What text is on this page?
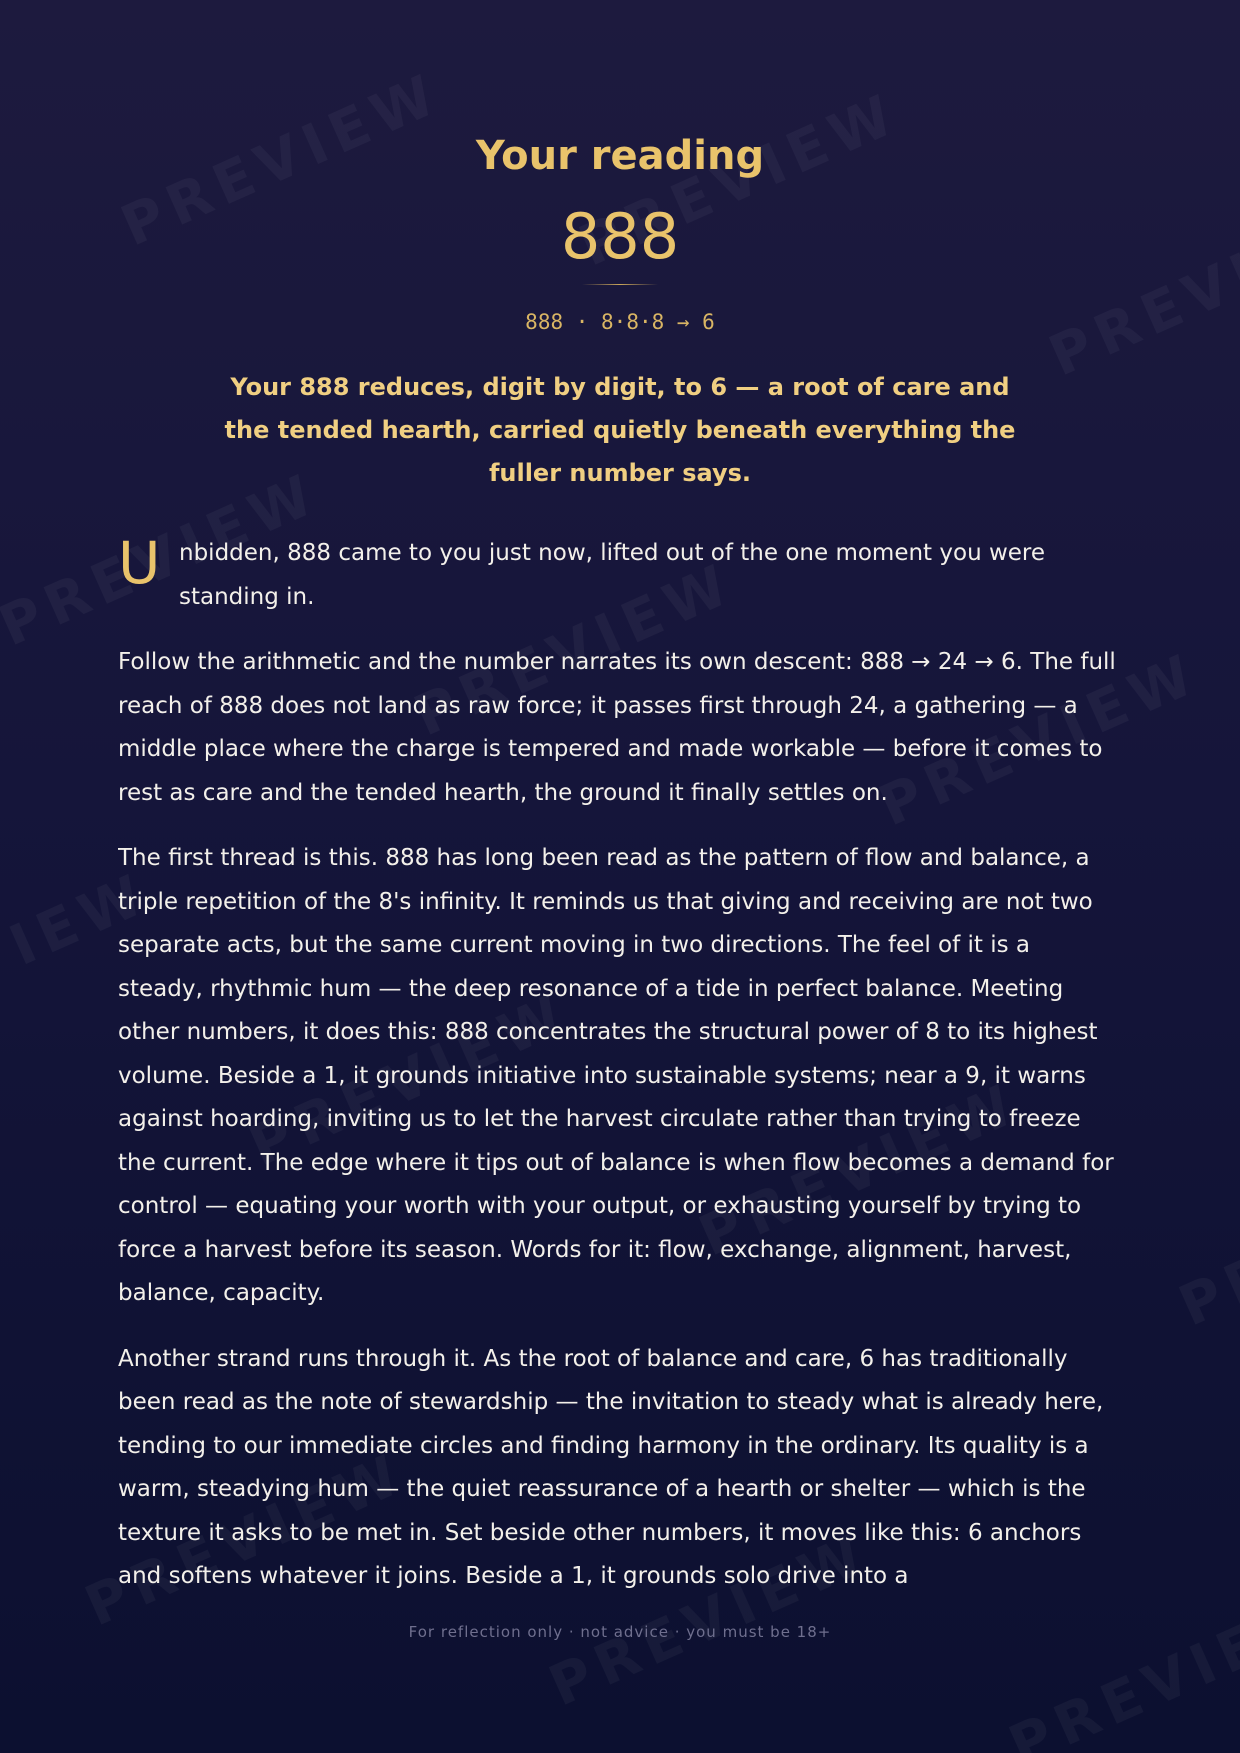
Your reading
888
888 · 8·8·8 → 6
Your 888 reduces, digit by digit, to 6 — a root of care and the tended hearth, carried quietly beneath everything the fuller number says.

U nbidden, 888 came to you just now, lifted out of the one moment you were standing in.

Follow the arithmetic and the number narrates its own descent: 888 → 24 → 6. The full reach of 888 does not land as raw force; it passes first through 24, a gathering — a middle place where the charge is tempered and made workable — before it comes to rest as care and the tended hearth, the ground it finally settles on.

The first thread is this. 888 has long been read as the pattern of flow and balance, a triple repetition of the 8's infinity. It reminds us that giving and receiving are not two separate acts, but the same current moving in two directions. The feel of it is a steady, rhythmic hum — the deep resonance of a tide in perfect balance. Meeting other numbers, it does this: 888 concentrates the structural power of 8 to its highest volume. Beside a 1, it grounds initiative into sustainable systems; near a 9, it warns against hoarding, inviting us to let the harvest circulate rather than trying to freeze the current. The edge where it tips out of balance is when flow becomes a demand for control — equating your worth with your output, or exhausting yourself by trying to force a harvest before its season. Words for it: flow, exchange, alignment, harvest, balance, capacity.

Another strand runs through it. As the root of balance and care, 6 has traditionally been read as the note of stewardship — the invitation to steady what is already here, tending to our immediate circles and finding harmony in the ordinary. Its quality is a warm, steadying hum — the quiet reassurance of a hearth or shelter — which is the texture it asks to be met in. Set beside other numbers, it moves like this: 6 anchors and softens whatever it joins. Beside a 1, it grounds solo drive into a

For reflection only · not advice · you must be 18+
